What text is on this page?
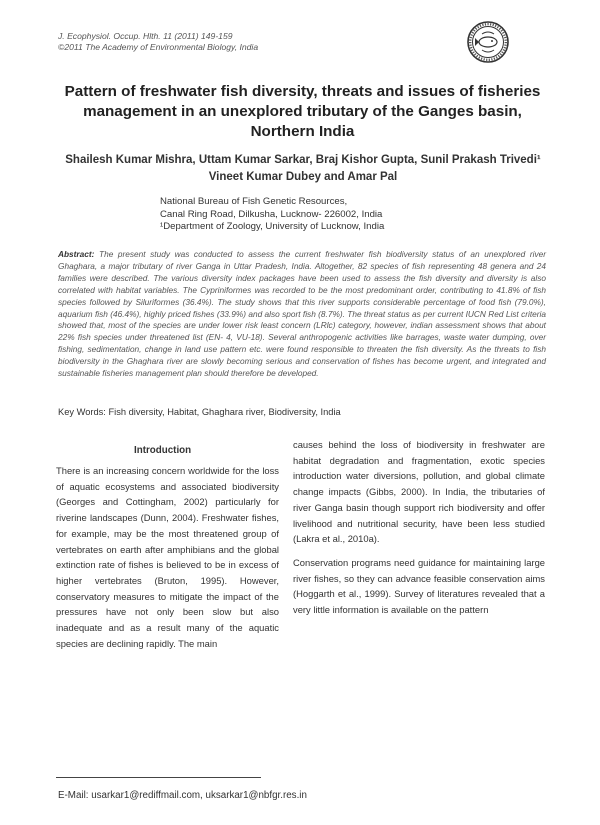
J. Ecophysiol. Occup. Hlth. 11 (2011) 149-159
©2011 The Academy of Environmental Biology, India
Pattern of freshwater fish diversity, threats and issues of fisheries management in an unexplored tributary of the Ganges basin, Northern India
Shailesh Kumar Mishra, Uttam Kumar Sarkar, Braj Kishor Gupta, Sunil Prakash Trivedi¹ Vineet Kumar Dubey and Amar Pal
National Bureau of Fish Genetic Resources,
Canal Ring Road, Dilkusha, Lucknow- 226002, India
¹Department of Zoology, University of Lucknow, India
Abstract: The present study was conducted to assess the current freshwater fish biodiversity status of an unexplored river Ghaghara, a major tributary of river Ganga in Uttar Pradesh, India. Altogether, 82 species of fish representing 48 genera and 24 families were described. The various diversity index packages have been used to assess the fish diversity and diversity is also correlated with habitat variables. The Cypriniformes was recorded to be the most predominant order, contributing to 41.8% of fish species followed by Siluriformes (36.4%). The study shows that this river supports considerable percentage of food fish (79.0%), aquarium fish (46.4%), highly priced fishes (33.9%) and also sport fish (8.7%). The threat status as per current IUCN Red List criteria showed that, most of the species are under lower risk least concern (LRlc) category, however, indian assessment shows that about 22% fish species under threatened list (EN- 4, VU-18). Several anthropogenic activities like barrages, waste water dumping, over fishing, sedimentation, change in land use pattern etc. were found responsible to threaten the fish diversity. As the threats to fish biodiversity in the Ghaghara river are slowly becoming serious and conservation of fishes has become urgent, and integrated and sustainable fisheries management plan should therefore be developed.
Key Words: Fish diversity, Habitat, Ghaghara river, Biodiversity, India
Introduction

There is an increasing concern worldwide for the loss of aquatic ecosystems and associated biodiversity (Georges and Cottingham, 2002) particularly for riverine landscapes (Dunn, 2004). Freshwater fishes, for example, may be the most threatened group of vertebrates on earth after amphibians and the global extinction rate of fishes is believed to be in excess of higher vertebrates (Bruton, 1995). However, conservatory measures to mitigate the impact of the pressures have not only been slow but also inadequate and as a result many of the aquatic species are declining rapidly. The main

causes behind the loss of biodiversity in freshwater are habitat degradation and fragmentation, exotic species introduction water diversions, pollution, and global climate change impacts (Gibbs, 2000). In India, the tributaries of river Ganga basin though support rich biodiversity and offer livelihood and nutritional security, have been less studied (Lakra et al., 2010a).

Conservation programs need guidance for maintaining large river fishes, so they can advance feasible conservation aims (Hoggarth et al., 1999). Survey of literatures revealed that a very little information is available on the pattern

E-Mail: usarkar1@rediffmail.com, uksarkar1@nbfgr.res.in
